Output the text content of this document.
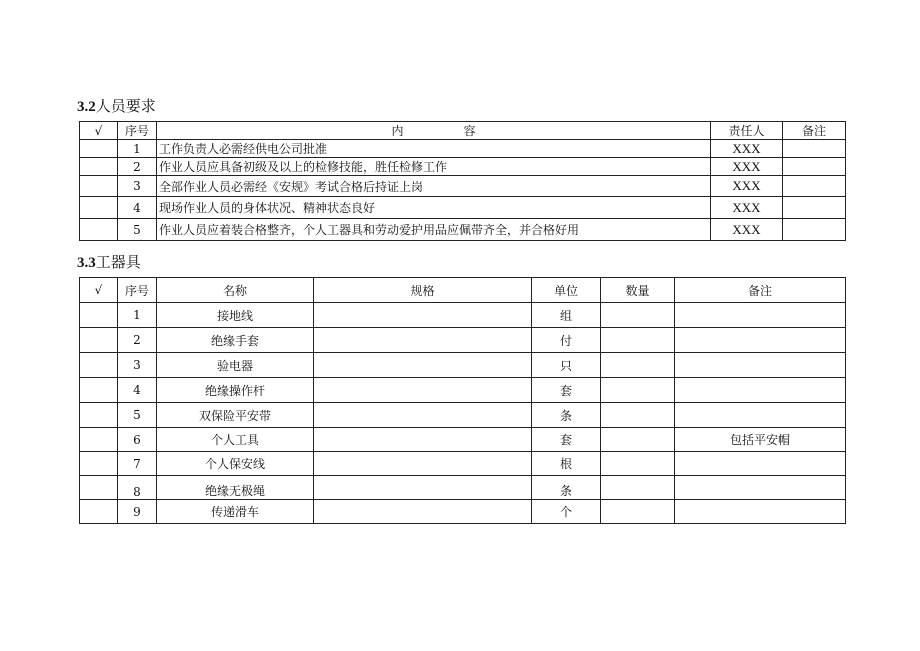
3.2人员要求
√	序号	内 容	责任人	备注
	1	工作负责人必需经供电公司批准	XXX	
	2	作业人员应具备初级及以上的检修技能，胜任检修工作	XXX	
	3	全部作业人员必需经《安规》考试合格后持证上岗	XXX	
	4	现场作业人员的身体状况、精神状态良好	XXX	
	5	作业人员应着装合格整齐，个人工器具和劳动爱护用品应佩带齐全，并合格好用	XXX	
3.3工器具
√	序号	名称	规格	单位	数量	备注
	1	接地线		组		
	2	绝缘手套		付		
	3	验电器		只		
	4	绝缘操作杆		套		
	5	双保险平安带		条		
	6	个人工具		套		包括平安帽
	7	个人保安线		根		
	8	绝缘无极绳		条		
	9	传递滑车		个		
